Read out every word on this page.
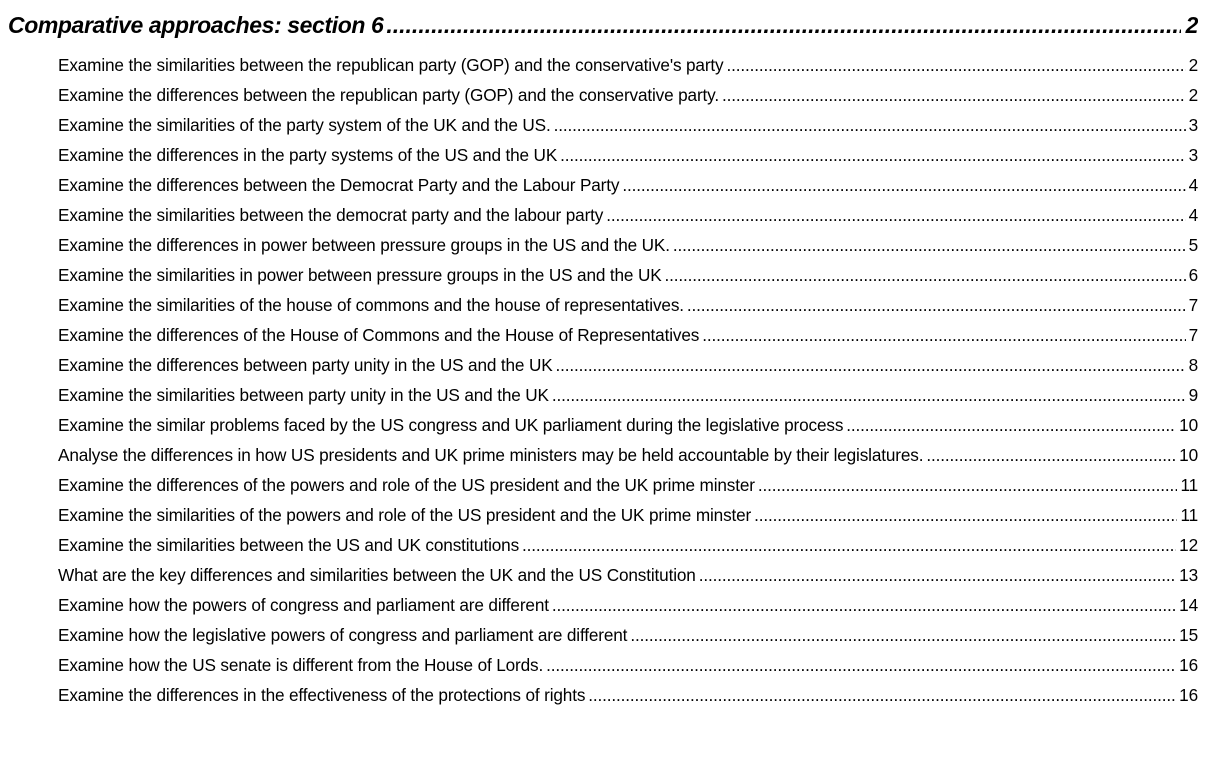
Comparative approaches: section 6 .....	2
Examine the similarities between the republican party (GOP) and the conservative's party .....	2
Examine the differences between the republican party (GOP) and the conservative party. .....	2
Examine the similarities of the party system of the UK and the US. .....	3
Examine the differences in the party systems of the US and the UK .....	3
Examine the differences between the Democrat Party and the Labour Party .....	4
Examine the similarities between the democrat party and the labour party .....	4
Examine the differences in power between pressure groups in the US and the UK. .....	5
Examine the similarities in power between pressure groups in the US and the UK .....	6
Examine the similarities of the house of commons and the house of representatives. .....	7
Examine the differences of the House of Commons and the House of Representatives .....	7
Examine the differences between party unity in the US and the UK .....	8
Examine the similarities between party unity in the US and the UK .....	9
Examine the similar problems faced by the US congress and UK parliament during the legislative process .....	10
Analyse the differences in how US presidents and UK prime ministers may be held accountable by their legislatures. .....	10
Examine the differences of the powers and role of the US president and the UK prime minster .....	11
Examine the similarities of the powers and role of the US president and the UK prime minster .....	11
Examine the similarities between the US and UK constitutions .....	12
What are the key differences and similarities between the UK and the US Constitution .....	13
Examine how the powers of congress and parliament are different .....	14
Examine how the legislative powers of congress and parliament are different .....	15
Examine how the US senate is different from the House of Lords. .....	16
Examine the differences in the effectiveness of the protections of rights .....	16
